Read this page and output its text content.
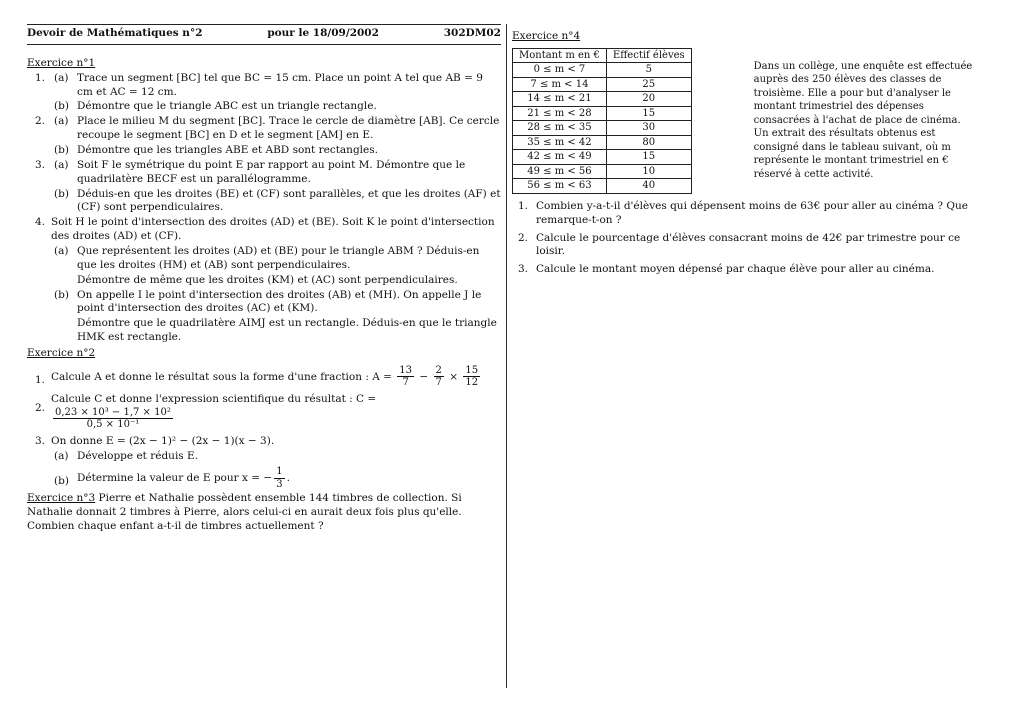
Devoir de Mathématiques n°2	pour le 18/09/2002	302DM02
Exercice n°1
1. (a) Trace un segment [BC] tel que BC = 15 cm. Place un point A tel que AB = 9 cm et AC = 12 cm.
(b) Démontre que le triangle ABC est un triangle rectangle.
2. (a) Place le milieu M du segment [BC]. Trace le cercle de diamètre [AB]. Ce cercle recoupe le segment [BC] en D et le segment [AM] en E.
(b) Démontre que les triangles ABE et ABD sont rectangles.
3. (a) Soit F le symétrique du point E par rapport au point M. Démontre que le quadrilatère BECF est un parallélogramme.
(b) Déduis-en que les droites (BE) et (CF) sont parallèles, et que les droites (AF) et (CF) sont perpendiculaires.
4. Soit H le point d'intersection des droites (AD) et (BE). Soit K le point d'intersection des droites (AD) et (CF).
(a) Que représentent les droites (AD) et (BE) pour le triangle ABM ? Déduis-en que les droites (HM) et (AB) sont perpendiculaires.
Démontre de même que les droites (KM) et (AC) sont perpendiculaires.
(b) On appelle I le point d'intersection des droites (AB) et (MH). On appelle J le point d'intersection des droites (AC) et (KM).
Démontre que le quadrilatère AIMJ est un rectangle. Déduis-en que le triangle HMK est rectangle.
Exercice n°2
1. Calcule A et donne le résultat sous la forme d'une fraction : $A = \frac{13}{7} - \frac{2}{7} \times \frac{15}{12}$
2.
Calcule C et donne l'expression scientifique du résultat : C =
$\frac{\text{0,23 × 10³ − 1,7 × 10²}}{\text{0,5 × 10⁻¹}}$
3. On donne E = (2x − 1)² − (2x − 1)(x − 3).
(a) Développe et réduis E.
(b) Détermine la valeur de E pour x = − $\frac{1}{3}$ .
Exercice n°3 Pierre et Nathalie possèdent ensemble 144 timbres de collection. Si Nathalie donnait 2 timbres à Pierre, alors celui-ci en aurait deux fois plus qu'elle. Combien chaque enfant a-t-il de timbres actuellement ?
Exercice n°4
Montant m en €	Effectif élèves
0 ≤ m < 7	5
7 ≤ m < 14	25
14 ≤ m < 21	20
21 ≤ m < 28	15
28 ≤ m < 35	30
35 ≤ m < 42	80
42 ≤ m < 49	15
49 ≤ m < 56	10
56 ≤ m < 63	40
Dans un collège, une enquête est effectuée auprès des 250 élèves des classes de troisième. Elle a pour but d'analyser le montant trimestriel des dépenses consacrées à l'achat de place de cinéma.
Un extrait des résultats obtenus est consigné dans le tableau suivant, où m représente le montant trimestriel en € réservé à cette activité.
1. Combien y-a-t-il d'élèves qui dépensent moins de 63€ pour aller au cinéma ? Que remarque-t-on ?
2. Calcule le pourcentage d'élèves consacrant moins de 42€ par trimestre pour ce loisir.
3. Calcule le montant moyen dépensé par chaque élève pour aller au cinéma.
